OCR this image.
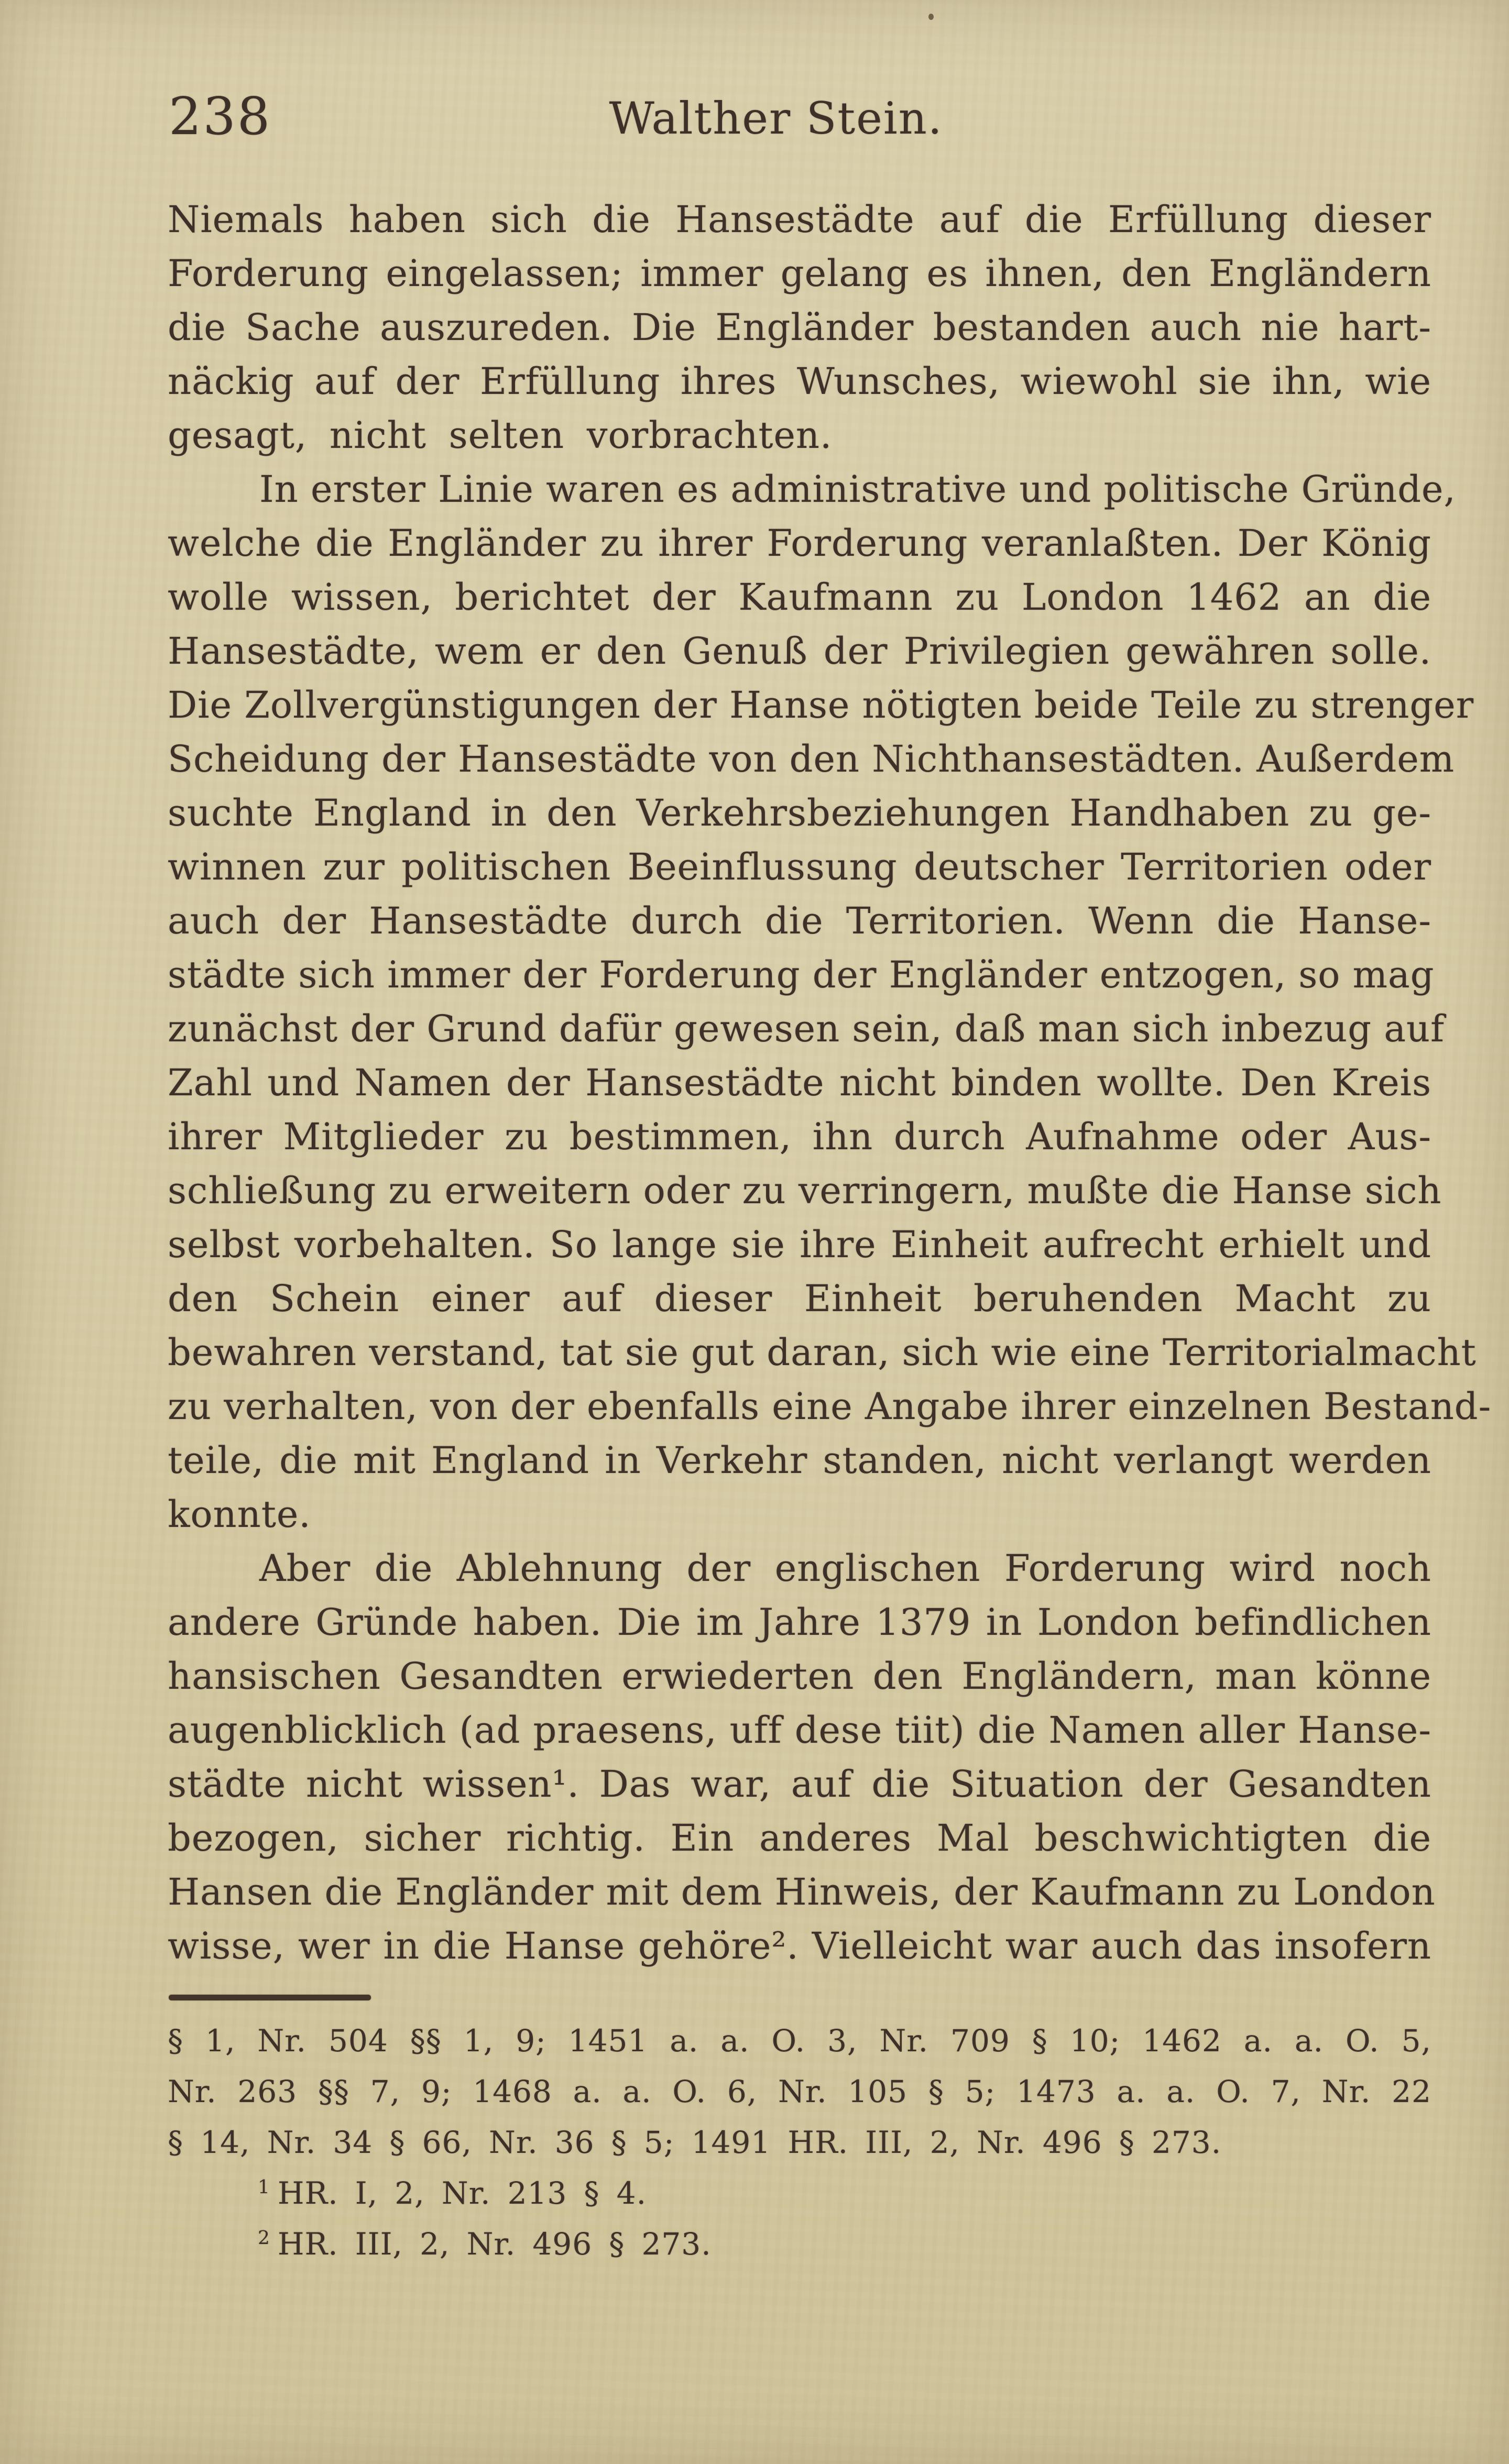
238	Walther Stein.
Niemals haben sich die Hansestädte auf die Erfüllung dieser
Forderung eingelassen; immer gelang es ihnen, den Engländern
die Sache auszureden. Die Engländer bestanden auch nie hart-
näckig auf der Erfüllung ihres Wunsches, wiewohl sie ihn, wie
gesagt, nicht selten vorbrachten.
In erster Linie waren es administrative und politische Gründe,
welche die Engländer zu ihrer Forderung veranlaßten. Der König
wolle wissen, berichtet der Kaufmann zu London 1462 an die
Hansestädte, wem er den Genuß der Privilegien gewähren solle.
Die Zollvergünstigungen der Hanse nötigten beide Teile zu strenger
Scheidung der Hansestädte von den Nichthansestädten. Außerdem
suchte England in den Verkehrsbeziehungen Handhaben zu ge-
winnen zur politischen Beeinflussung deutscher Territorien oder
auch der Hansestädte durch die Territorien. Wenn die Hanse-
städte sich immer der Forderung der Engländer entzogen, so mag
zunächst der Grund dafür gewesen sein, daß man sich inbezug auf
Zahl und Namen der Hansestädte nicht binden wollte. Den Kreis
ihrer Mitglieder zu bestimmen, ihn durch Aufnahme oder Aus-
schließung zu erweitern oder zu verringern, mußte die Hanse sich
selbst vorbehalten. So lange sie ihre Einheit aufrecht erhielt und
den Schein einer auf dieser Einheit beruhenden Macht zu
bewahren verstand, tat sie gut daran, sich wie eine Territorialmacht
zu verhalten, von der ebenfalls eine Angabe ihrer einzelnen Bestand-
teile, die mit England in Verkehr standen, nicht verlangt werden
konnte.
Aber die Ablehnung der englischen Forderung wird noch
andere Gründe haben. Die im Jahre 1379 in London befindlichen
hansischen Gesandten erwiederten den Engländern, man könne
augenblicklich (ad praesens, uff dese tiit) die Namen aller Hanse-
städte nicht wissen¹. Das war, auf die Situation der Gesandten
bezogen, sicher richtig. Ein anderes Mal beschwichtigten die
Hansen die Engländer mit dem Hinweis, der Kaufmann zu London
wisse, wer in die Hanse gehöre². Vielleicht war auch das insofern
§ 1, Nr. 504 §§ 1, 9; 1451 a. a. O. 3, Nr. 709 § 10; 1462 a. a. O. 5,
Nr. 263 §§ 7, 9; 1468 a. a. O. 6, Nr. 105 § 5; 1473 a. a. O. 7, Nr. 22
§ 14, Nr. 34 § 66, Nr. 36 § 5; 1491 HR. III, 2, Nr. 496 § 273.
$^1$ HR. I, 2, Nr. 213 § 4.
$^2$ HR. III, 2, Nr. 496 § 273.
